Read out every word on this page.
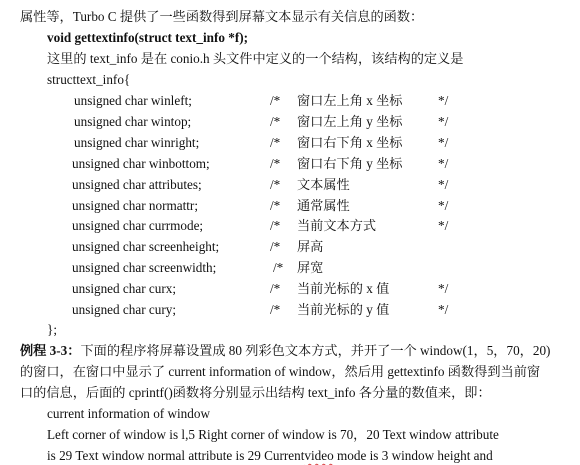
属性等，Turbo C 提供了一些函数得到屏幕文本显示有关信息的函数：
void gettextinfo(struct text_info *f);
这里的 text_info 是在 conio.h 头文件中定义的一个结构，该结构的定义是
structtext_info{
unsigned char winleft;	/* 窗口左上角 x 坐标	*/
unsigned char wintop;	/* 窗口左上角 y 坐标	*/
unsigned char winright;	/* 窗口右下角 x 坐标	*/
unsigned char winbottom;	/* 窗口右下角 y 坐标	*/
unsigned char attributes;	/* 文本属性	*/
unsigned char normattr;	/* 通常属性	*/
unsigned char currmode;	/* 当前文本方式	*/
unsigned char screenheight;	/* 屏高
unsigned char screenwidth;	/* 屏宽
unsigned char curx;	/* 当前光标的 x 值	*/
unsigned char cury;	/* 当前光标的 y 值	*/
};
例程 3-3：下面的程序将屏幕设置成 80 列彩色文本方式，并开了一个 window(1，5，70，20)
的窗口，在窗口中显示了 current information of window，然后用 gettextinfo 函数得到当前窗
口的信息，后面的 cprintf()函数将分别显示出结构 text_info 各分量的数值来，即：
current information of window
Left corner of window is l,5 Right corner of window is 70，20 Text window attribute
is 29 Text window normal attribute is 29 Currentvideo mode is 3 window height and
